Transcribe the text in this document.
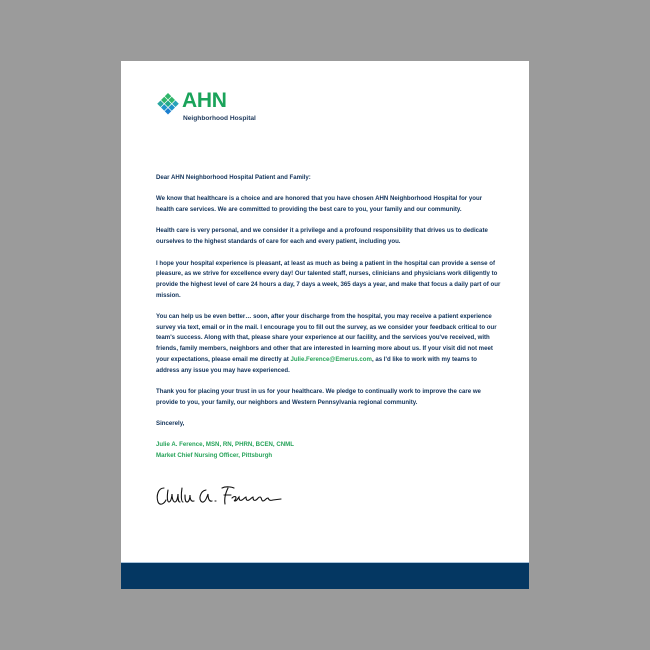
AHN
Neighborhood Hospital

Dear AHN Neighborhood Hospital Patient and Family:

We know that healthcare is a choice and are honored that you have chosen AHN Neighborhood Hospital for your health care services. We are committed to providing the best care to you, your family and our community.

Health care is very personal, and we consider it a privilege and a profound responsibility that drives us to dedicate ourselves to the highest standards of care for each and every patient, including you.

I hope your hospital experience is pleasant, at least as much as being a patient in the hospital can provide a sense of pleasure, as we strive for excellence every day! Our talented staff, nurses, clinicians and physicians work diligently to provide the highest level of care 24 hours a day, 7 days a week, 365 days a year, and make that focus a daily part of our mission.

You can help us be even better… soon, after your discharge from the hospital, you may receive a patient experience survey via text, email or in the mail. I encourage you to fill out the survey, as we consider your feedback critical to our team's success. Along with that, please share your experience at our facility, and the services you've received, with friends, family members, neighbors and other that are interested in learning more about us. If your visit did not meet your expectations, please email me directly at Julie.Ference@Emerus.com, as I'd like to work with my teams to address any issue you may have experienced.

Thank you for placing your trust in us for your healthcare. We pledge to continually work to improve the care we provide to you, your family, our neighbors and Western Pennsylvania regional community.

Sincerely,

Julie A. Ference, MSN, RN, PHRN, BCEN, CNML
Market Chief Nursing Officer, Pittsburgh
